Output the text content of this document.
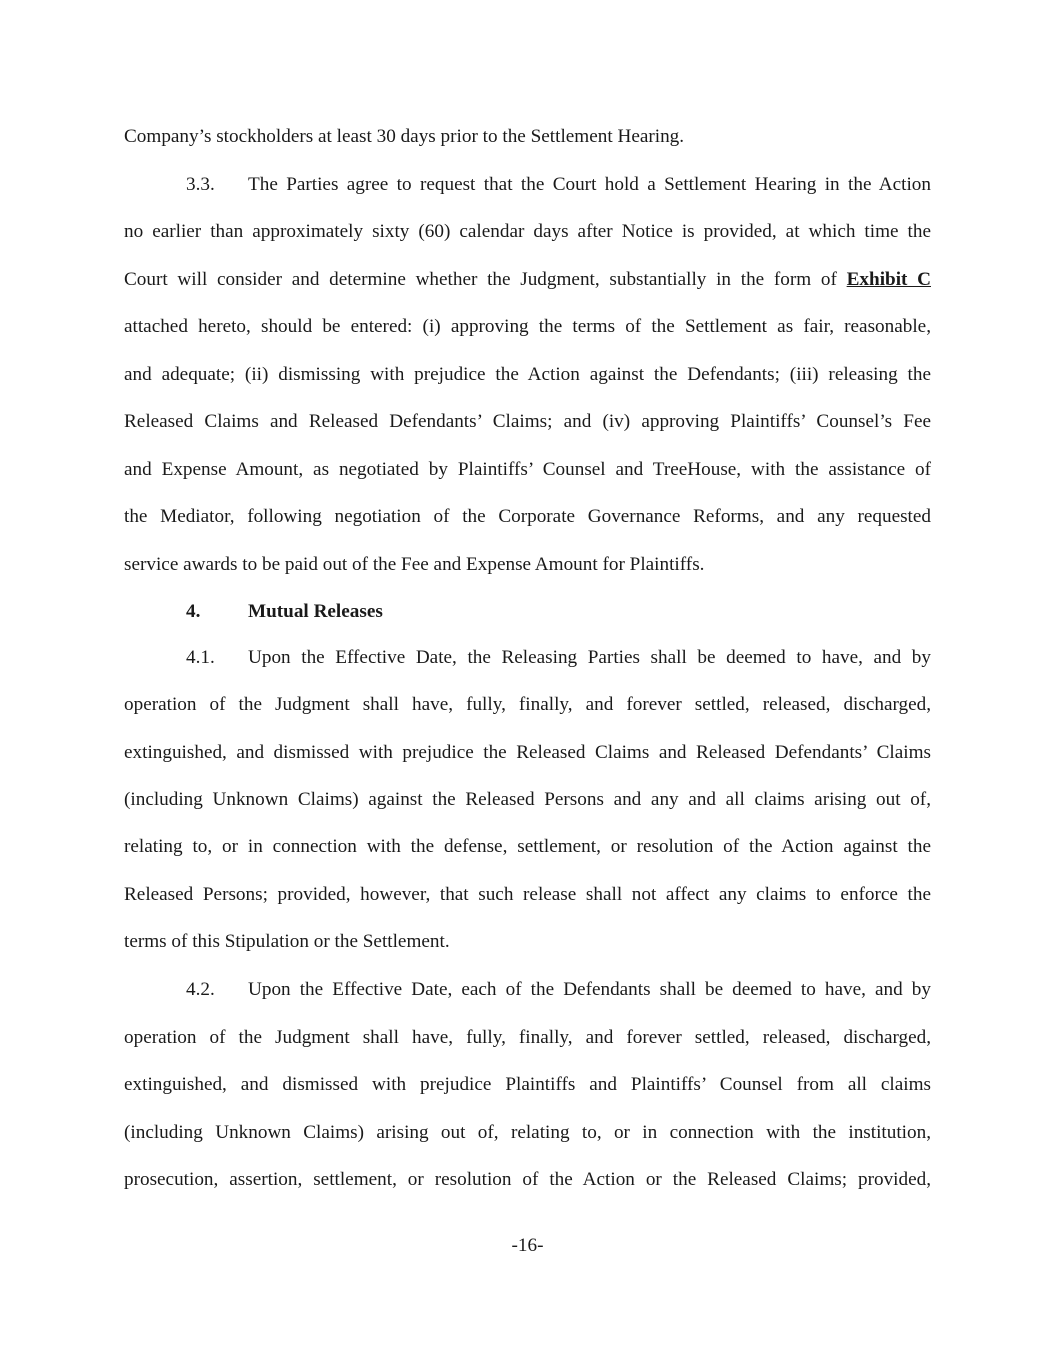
Company’s stockholders at least 30 days prior to the Settlement Hearing.
3.3. The Parties agree to request that the Court hold a Settlement Hearing in the Action
no earlier than approximately sixty (60) calendar days after Notice is provided, at which time the
Court will consider and determine whether the Judgment, substantially in the form of Exhibit C
attached hereto, should be entered: (i) approving the terms of the Settlement as fair, reasonable,
and adequate; (ii) dismissing with prejudice the Action against the Defendants; (iii) releasing the
Released Claims and Released Defendants’ Claims; and (iv) approving Plaintiffs’ Counsel’s Fee
and Expense Amount, as negotiated by Plaintiffs’ Counsel and TreeHouse, with the assistance of
the Mediator, following negotiation of the Corporate Governance Reforms, and any requested
service awards to be paid out of the Fee and Expense Amount for Plaintiffs.
4. Mutual Releases
4.1. Upon the Effective Date, the Releasing Parties shall be deemed to have, and by
operation of the Judgment shall have, fully, finally, and forever settled, released, discharged,
extinguished, and dismissed with prejudice the Released Claims and Released Defendants’ Claims
(including Unknown Claims) against the Released Persons and any and all claims arising out of,
relating to, or in connection with the defense, settlement, or resolution of the Action against the
Released Persons; provided, however, that such release shall not affect any claims to enforce the
terms of this Stipulation or the Settlement.
4.2. Upon the Effective Date, each of the Defendants shall be deemed to have, and by
operation of the Judgment shall have, fully, finally, and forever settled, released, discharged,
extinguished, and dismissed with prejudice Plaintiffs and Plaintiffs’ Counsel from all claims
(including Unknown Claims) arising out of, relating to, or in connection with the institution,
prosecution, assertion, settlement, or resolution of the Action or the Released Claims; provided,
-16-
